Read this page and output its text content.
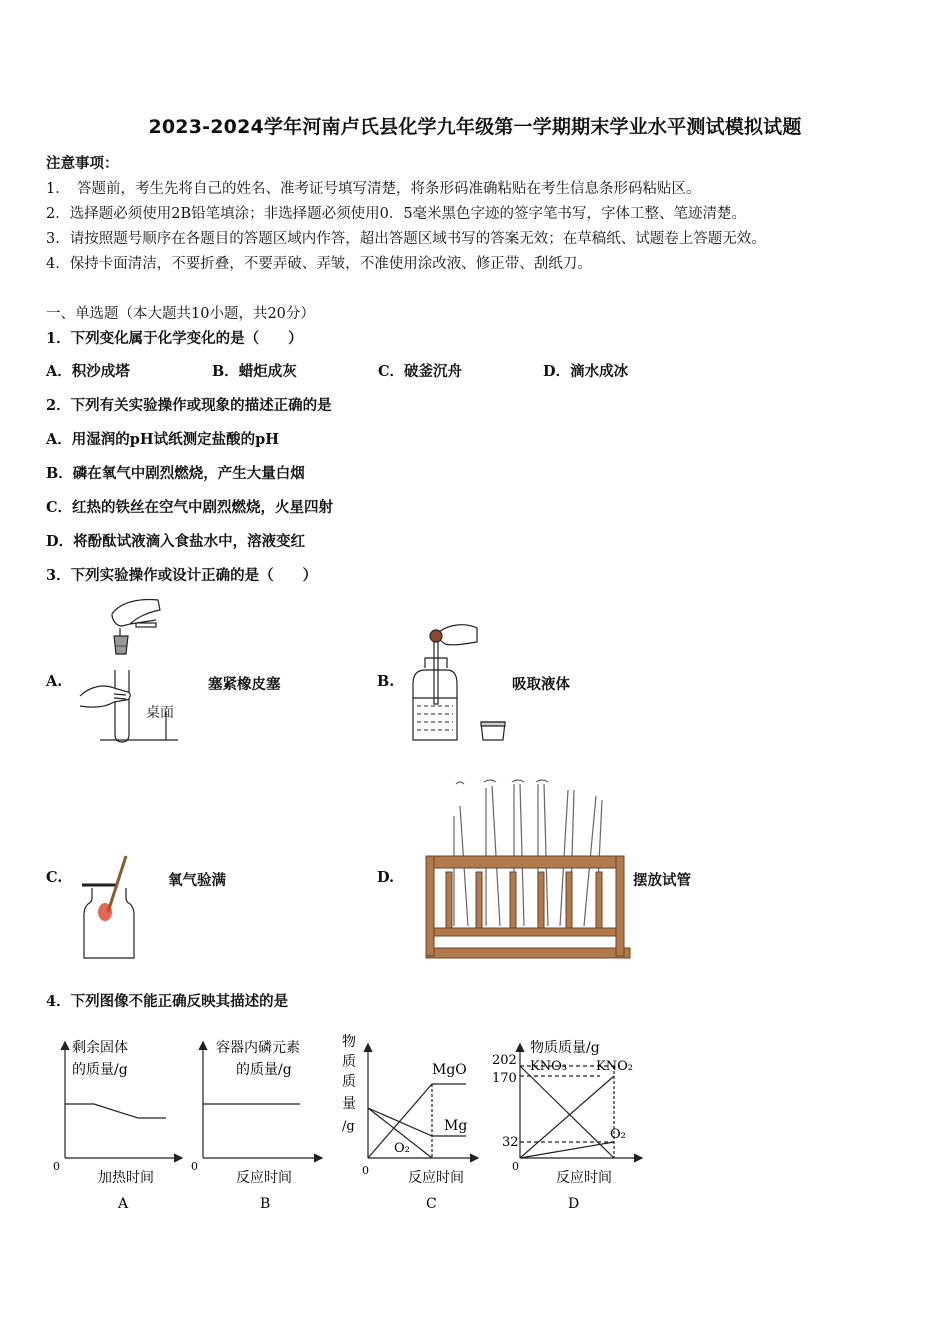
2023-2024学年河南卢氏县化学九年级第一学期期末学业水平测试模拟试题
注意事项：
1．　答题前，考生先将自己的姓名、准考证号填写清楚，将条形码准确粘贴在考生信息条形码粘贴区。
2．选择题必须使用2B铅笔填涂；非选择题必须使用0．5毫米黑色字迹的签字笔书写，字体工整、笔迹清楚。
3．请按照题号顺序在各题目的答题区域内作答，超出答题区域书写的答案无效；在草稿纸、试题卷上答题无效。
4．保持卡面清洁，不要折叠，不要弄破、弄皱，不准使用涂改液、修正带、刮纸刀。
一、单选题（本大题共10小题，共20分）
1．下列变化属于化学变化的是（　　）
A．积沙成塔	B．蜡炬成灰	C．破釜沉舟	D．滴水成冰
2．下列有关实验操作或现象的描述正确的是
A．用湿润的pH试纸测定盐酸的pH
B．磷在氧气中剧烈燃烧，产生大量白烟
C．红热的铁丝在空气中剧烈燃烧，火星四射
D．将酚酞试液滴入食盐水中，溶液变红
3．下列实验操作或设计正确的是（　　）
A.	塞紧橡皮塞	B.	吸取液体
C.	氧气验满	D.	摆放试管
桌面
4．下列图像不能正确反映其描述的是
剩余固体
的质量/g
0
加热时间
A
容器内磷元素
的质量/g
0
反应时间
B
物
质
质
量
/g
MgO
Mg
O₂
0	反应时间
C
物质质量/g
202
170
32
KNO₃ KNO₂
O₂
0
反应时间
D
